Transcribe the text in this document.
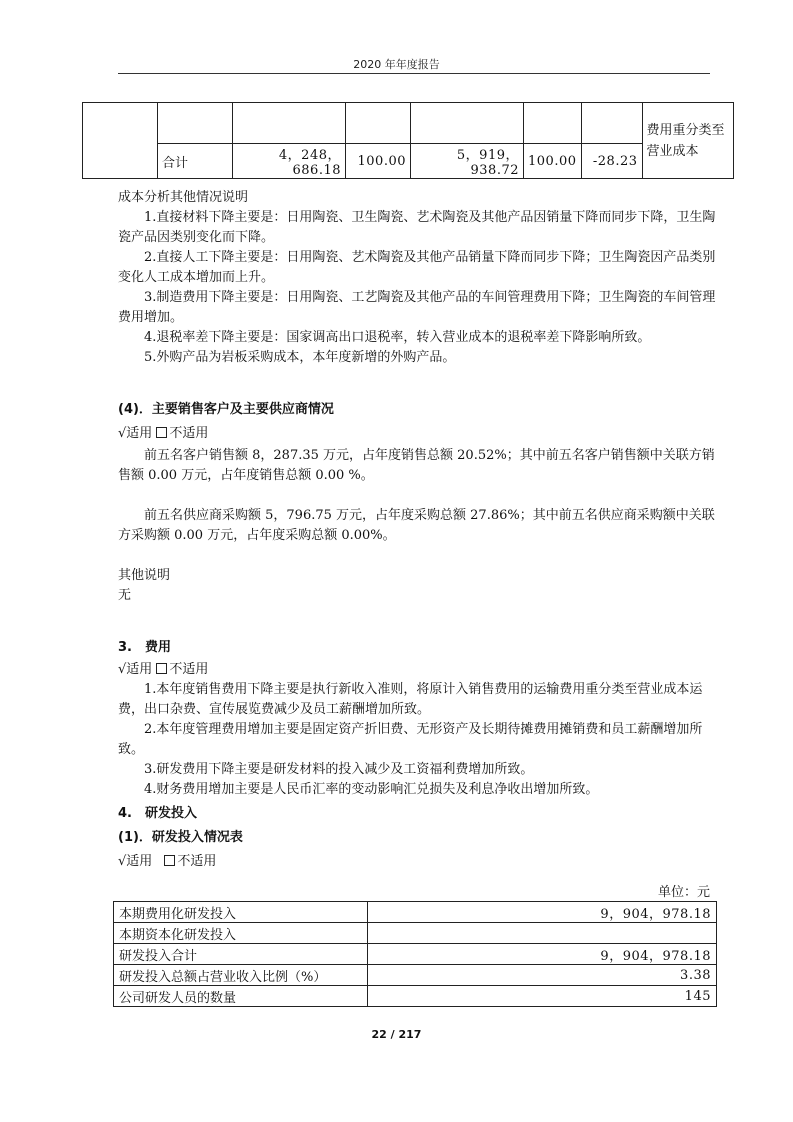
2020 年年度报告
							费用重分类至营业成本
	合计	4，248，686.18	100.00	5，919，938.72	100.00	-28.23	

成本分析其他情况说明

1.直接材料下降主要是：日用陶瓷、卫生陶瓷、艺术陶瓷及其他产品因销量下降而同步下降，卫生陶瓷产品因类别变化而下降。

2.直接人工下降主要是：日用陶瓷、艺术陶瓷及其他产品销量下降而同步下降；卫生陶瓷因产品类别变化人工成本增加而上升。

3.制造费用下降主要是：日用陶瓷、工艺陶瓷及其他产品的车间管理费用下降；卫生陶瓷的车间管理费用增加。

4.退税率差下降主要是：国家调高出口退税率，转入营业成本的退税率差下降影响所致。

5.外购产品为岩板采购成本，本年度新增的外购产品。

(4)．主要销售客户及主要供应商情况

√适用 不适用

前五名客户销售额 8，287.35 万元，占年度销售总额 20.52%；其中前五名客户销售额中关联方销售额 0.00 万元，占年度销售总额 0.00 %。

前五名供应商采购额 5，796.75 万元，占年度采购总额 27.86%；其中前五名供应商采购额中关联方采购额 0.00 万元，占年度采购总额 0.00%。

其他说明

无

3.　费用

√适用 不适用

1.本年度销售费用下降主要是执行新收入准则，将原计入销售费用的运输费用重分类至营业成本运费，出口杂费、宣传展览费减少及员工薪酬增加所致。

2.本年度管理费用增加主要是固定资产折旧费、无形资产及长期待摊费用摊销费和员工薪酬增加所致。

3.研发费用下降主要是研发材料的投入减少及工资福利费增加所致。

4.财务费用增加主要是人民币汇率的变动影响汇兑损失及利息净收出增加所致。

4.　研发投入

(1)．研发投入情况表

√适用 不适用

单位：元
本期费用化研发投入	9，904，978.18
本期资本化研发投入	
研发投入合计	9，904，978.18
研发投入总额占营业收入比例（%）	3.38
公司研发人员的数量	145
22 / 217
